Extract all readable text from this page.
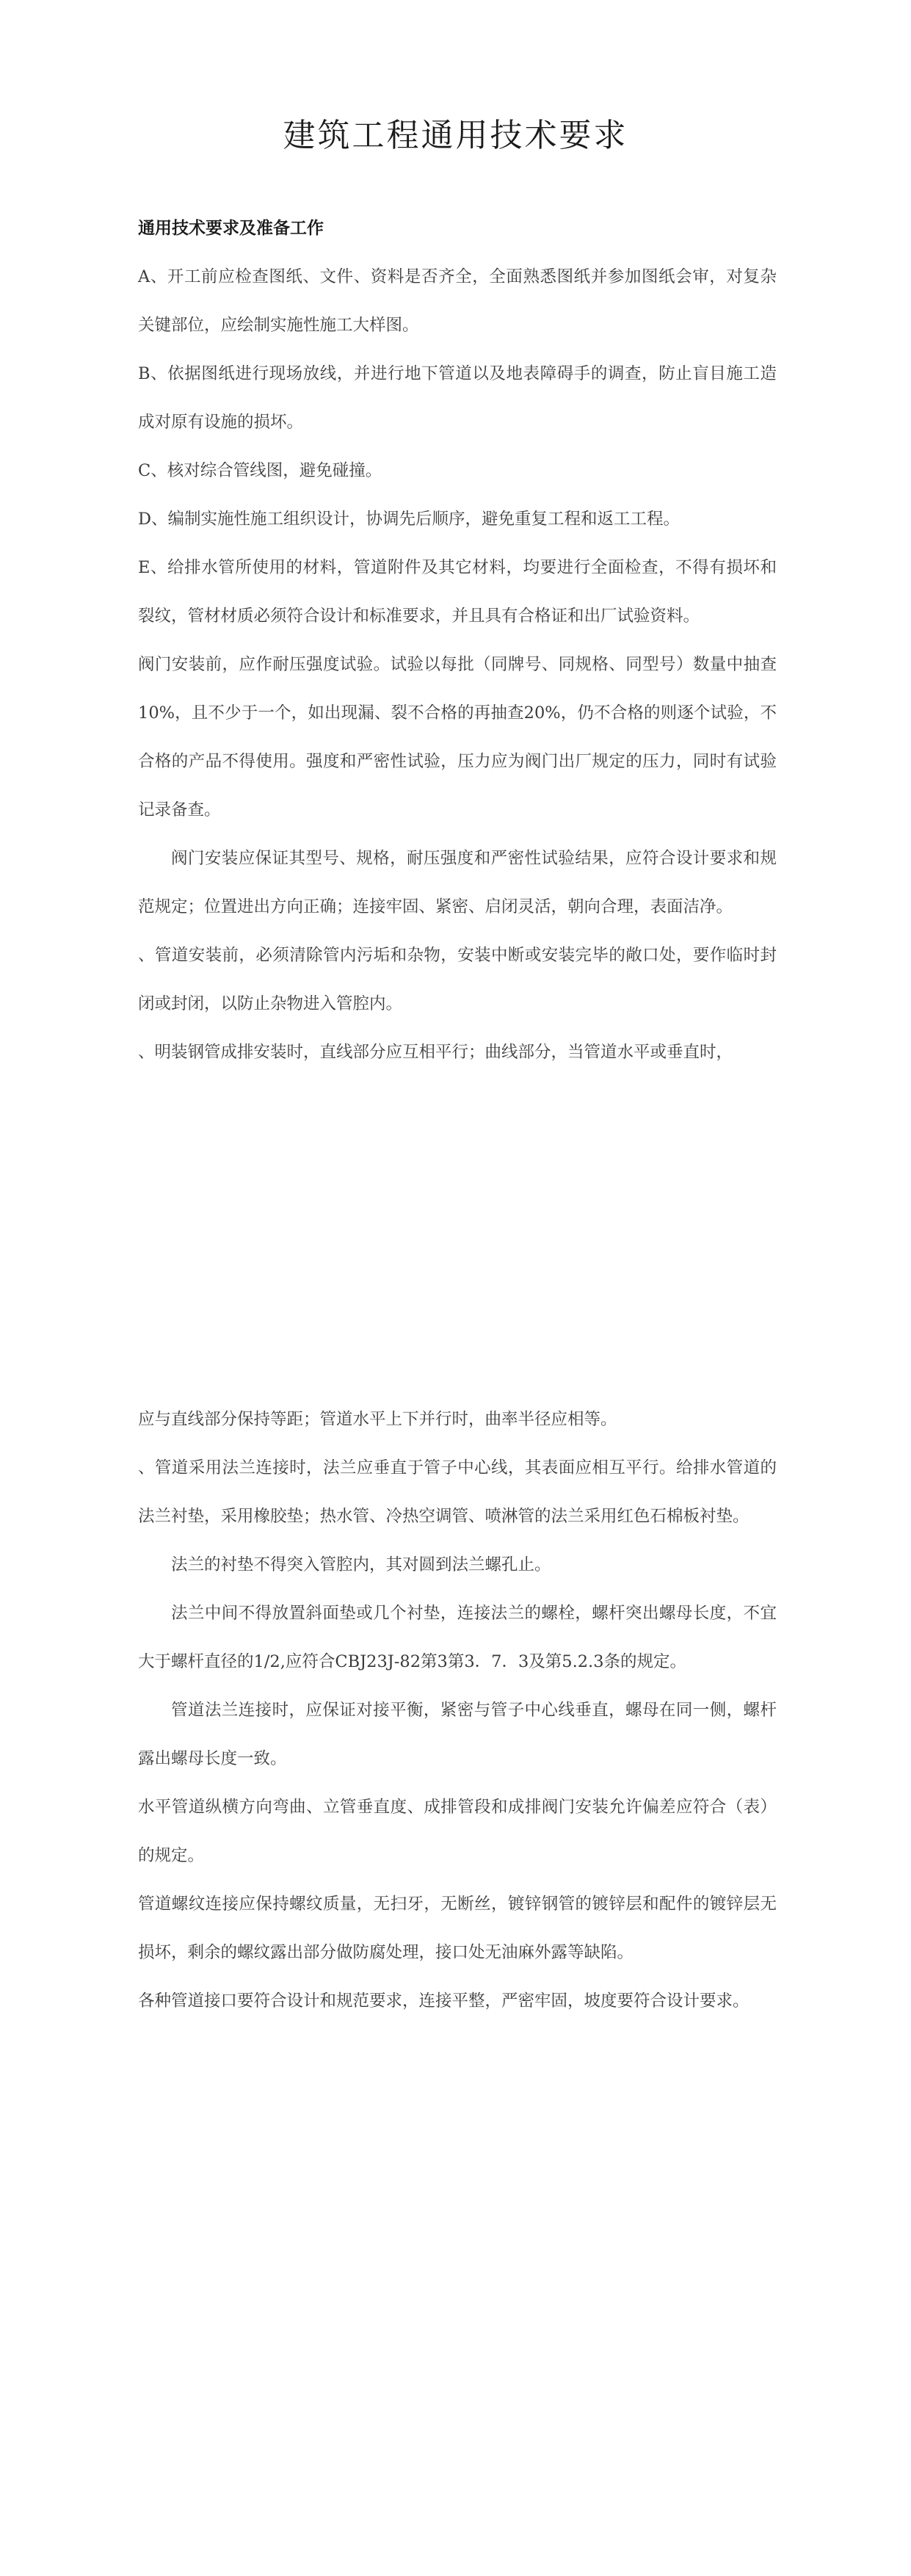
建筑工程通用技术要求
通用技术要求及准备工作

A、开工前应检查图纸、文件、资料是否齐全，全面熟悉图纸并参加图纸会审，对复杂关键部位，应绘制实施性施工大样图。

B、依据图纸进行现场放线，并进行地下管道以及地表障碍手的调查，防止盲目施工造成对原有设施的损坏。

C、核对综合管线图，避免碰撞。

D、编制实施性施工组织设计，协调先后顺序，避免重复工程和返工工程。

E、给排水管所使用的材料，管道附件及其它材料，均要进行全面检查，不得有损坏和裂纹，管材材质必须符合设计和标准要求，并且具有合格证和出厂试验资料。

阀门安装前，应作耐压强度试验。试验以每批（同牌号、同规格、同型号）数量中抽查10%，且不少于一个，如出现漏、裂不合格的再抽查20%，仍不合格的则逐个试验，不合格的产品不得使用。强度和严密性试验，压力应为阀门出厂规定的压力，同时有试验记录备查。

阀门安装应保证其型号、规格，耐压强度和严密性试验结果，应符合设计要求和规范规定；位置进出方向正确；连接牢固、紧密、启闭灵活，朝向合理，表面洁净。

、管道安装前，必须清除管内污垢和杂物，安装中断或安装完毕的敞口处，要作临时封闭或封闭，以防止杂物进入管腔内。

、明装钢管成排安装时，直线部分应互相平行；曲线部分，当管道水平或垂直时，

应与直线部分保持等距；管道水平上下并行时，曲率半径应相等。

、管道采用法兰连接时，法兰应垂直于管子中心线，其表面应相互平行。给排水管道的法兰衬垫，采用橡胶垫；热水管、冷热空调管、喷淋管的法兰采用红色石棉板衬垫。

法兰的衬垫不得突入管腔内，其对圆到法兰螺孔止。

法兰中间不得放置斜面垫或几个衬垫，连接法兰的螺栓，螺杆突出螺母长度，不宜大于螺杆直径的1/2,应符合CBJ23J-82第3第3．7．3及第5.2.3条的规定。

管道法兰连接时，应保证对接平衡，紧密与管子中心线垂直，螺母在同一侧，螺杆露出螺母长度一致。

水平管道纵横方向弯曲、立管垂直度、成排管段和成排阀门安装允许偏差应符合（表）的规定。

管道螺纹连接应保持螺纹质量，无扫牙，无断丝，镀锌钢管的镀锌层和配件的镀锌层无损坏，剩余的螺纹露出部分做防腐处理，接口处无油麻外露等缺陷。

各种管道接口要符合设计和规范要求，连接平整，严密牢固，坡度要符合设计要求。
